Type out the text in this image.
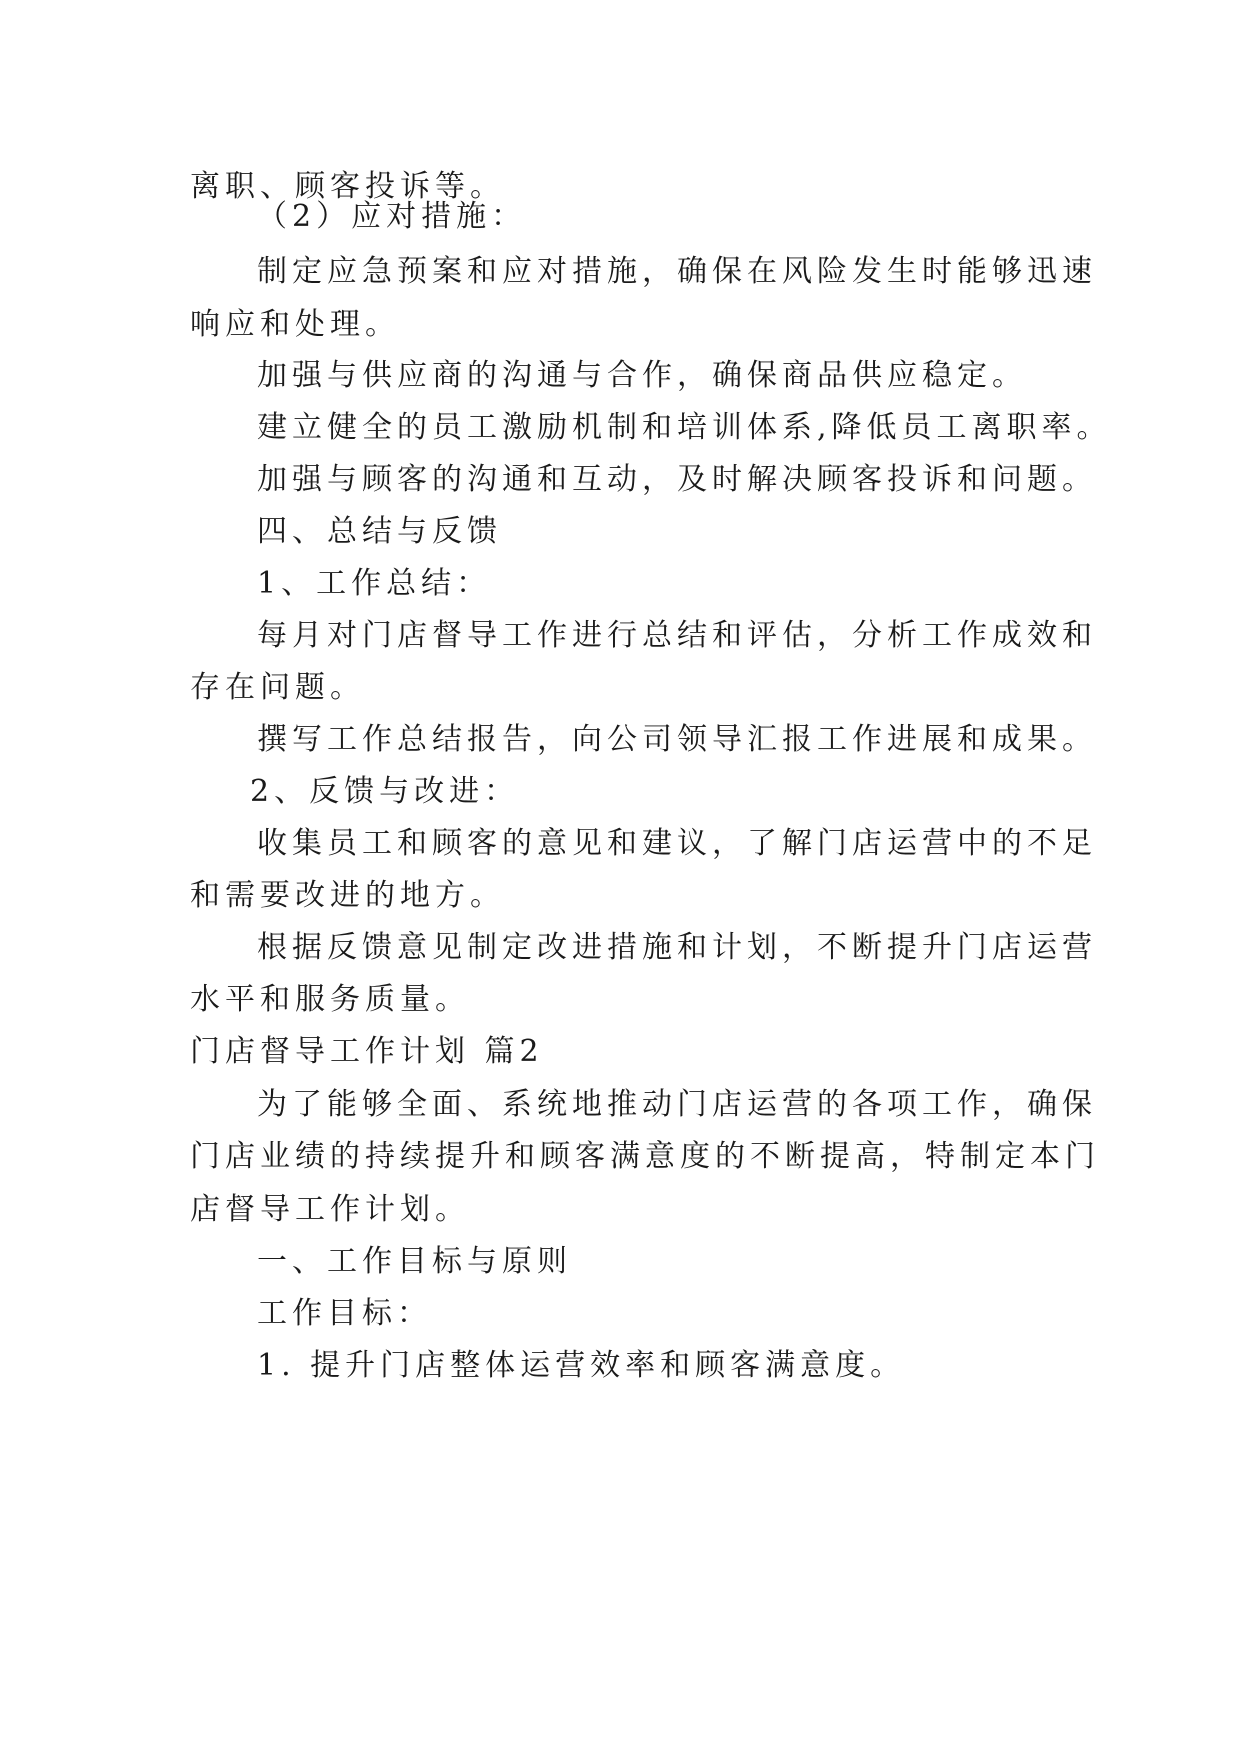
离职、顾客投诉等。
（2）应对措施：
制定应急预案和应对措施，确保在风险发生时能够迅速
响应和处理。
加强与供应商的沟通与合作，确保商品供应稳定。
建立健全的员工激励机制和培训体系,降低员工离职率。
加强与顾客的沟通和互动，及时解决顾客投诉和问题。
四、总结与反馈
1、工作总结：
每月对门店督导工作进行总结和评估，分析工作成效和
存在问题。
撰写工作总结报告，向公司领导汇报工作进展和成果。
2、反馈与改进：
收集员工和顾客的意见和建议，了解门店运营中的不足
和需要改进的地方。
根据反馈意见制定改进措施和计划，不断提升门店运营
水平和服务质量。
门店督导工作计划 篇2
为了能够全面、系统地推动门店运营的各项工作，确保
门店业绩的持续提升和顾客满意度的不断提高，特制定本门
店督导工作计划。
一、工作目标与原则
工作目标：
1. 提升门店整体运营效率和顾客满意度。
